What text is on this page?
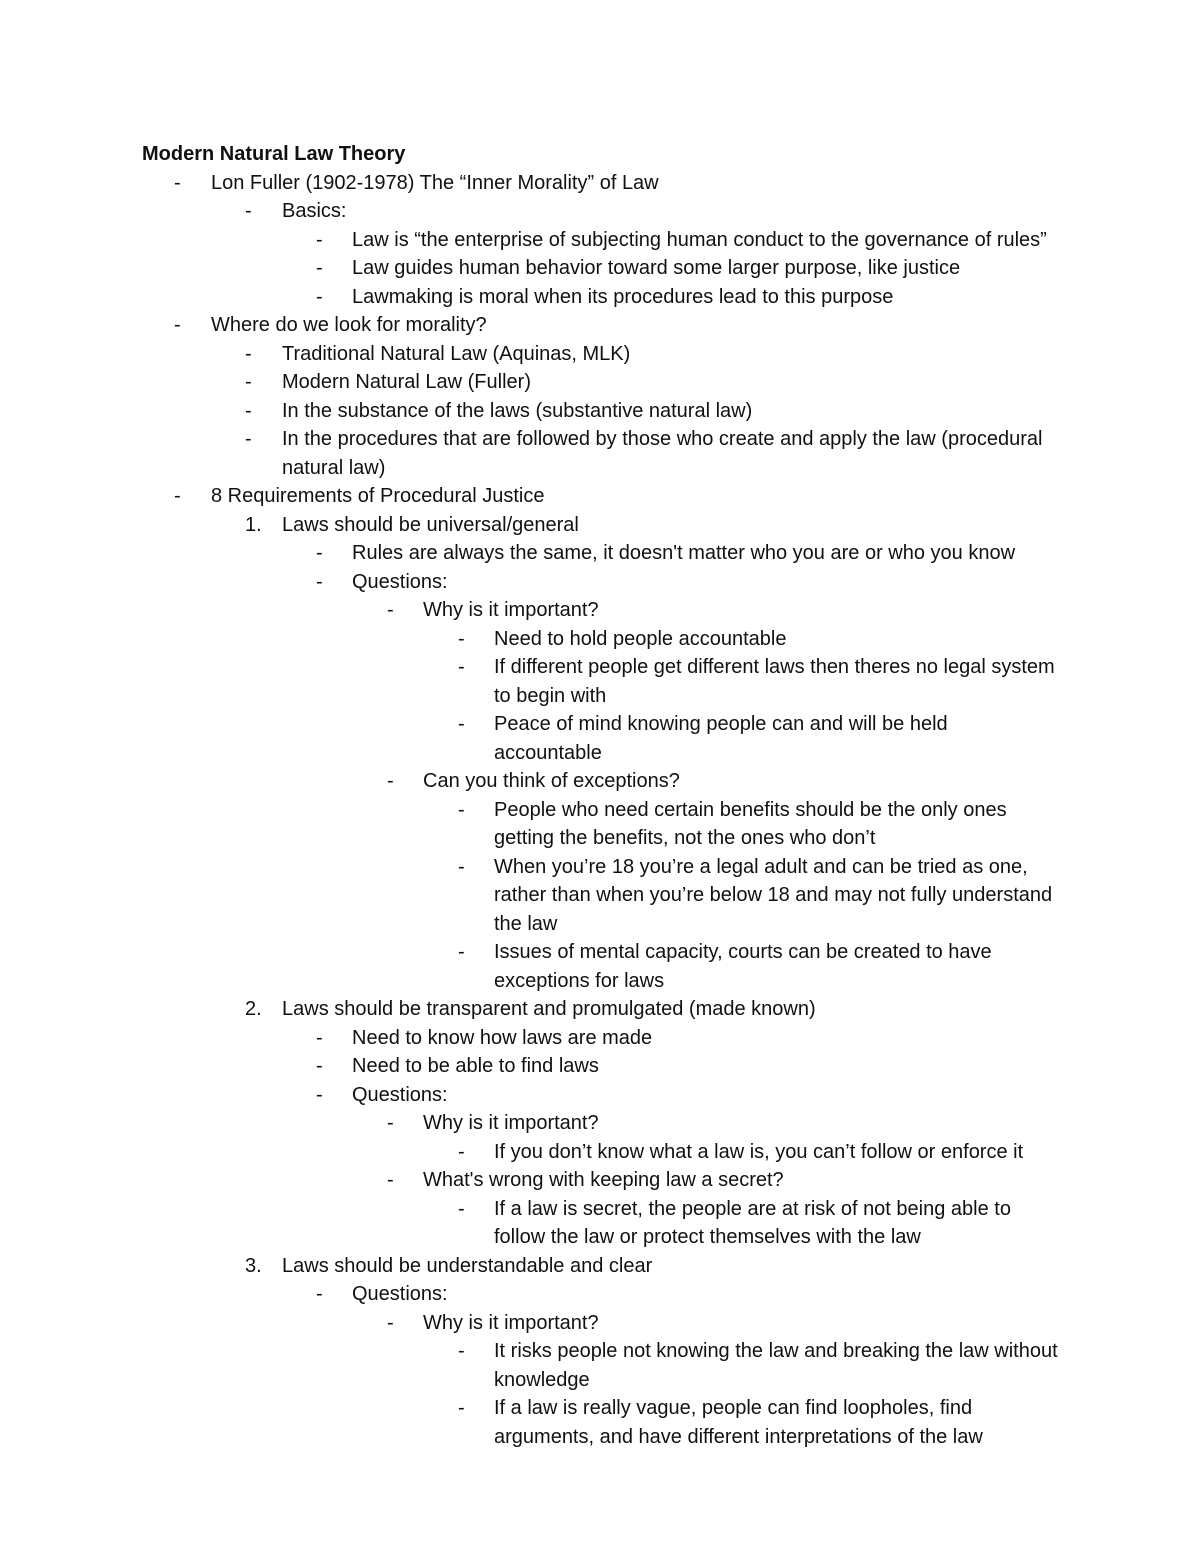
Modern Natural Law Theory
- Lon Fuller (1902-1978) The “Inner Morality” of Law
- Basics:
- Law is “the enterprise of subjecting human conduct to the governance of rules”
- Law guides human behavior toward some larger purpose, like justice
- Lawmaking is moral when its procedures lead to this purpose
- Where do we look for morality?
- Traditional Natural Law (Aquinas, MLK)
- Modern Natural Law (Fuller)
- In the substance of the laws (substantive natural law)
- In the procedures that are followed by those who create and apply the law (procedural natural law)
- 8 Requirements of Procedural Justice
1. Laws should be universal/general
- Rules are always the same, it doesn't matter who you are or who you know
- Questions:
- Why is it important?
- Need to hold people accountable
- If different people get different laws then theres no legal system to begin with
- Peace of mind knowing people can and will be held accountable
- Can you think of exceptions?
- People who need certain benefits should be the only ones getting the benefits, not the ones who don’t
- When you’re 18 you’re a legal adult and can be tried as one, rather than when you’re below 18 and may not fully understand the law
- Issues of mental capacity, courts can be created to have exceptions for laws
2. Laws should be transparent and promulgated (made known)
- Need to know how laws are made
- Need to be able to find laws
- Questions:
- Why is it important?
- If you don’t know what a law is, you can’t follow or enforce it
- What's wrong with keeping law a secret?
- If a law is secret, the people are at risk of not being able to follow the law or protect themselves with the law
3. Laws should be understandable and clear
- Questions:
- Why is it important?
- It risks people not knowing the law and breaking the law without knowledge
- If a law is really vague, people can find loopholes, find arguments, and have different interpretations of the law
